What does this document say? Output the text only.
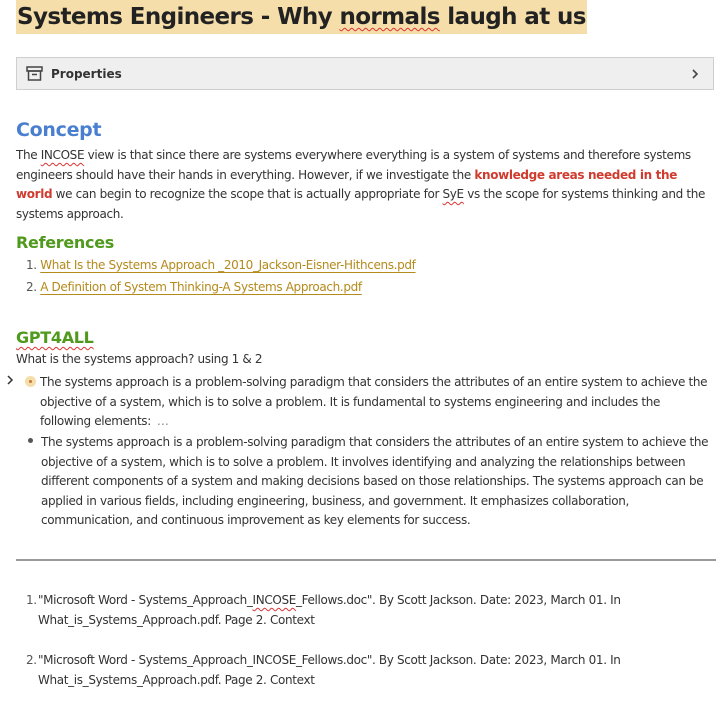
Systems Engineers - Why normals laugh at us
Properties
Concept
The INCOSE view is that since there are systems everywhere everything is a system of systems and therefore systems engineers should have their hands in everything. However, if we investigate the knowledge areas needed in the world we can begin to recognize the scope that is actually appropriate for SyE vs the scope for systems thinking and the systems approach.
References
1. What Is the Systems Approach _2010_Jackson-Eisner-Hithcens.pdf
2. A Definition of System Thinking-A Systems Approach.pdf
GPT4ALL
What is the systems approach? using 1 & 2
The systems approach is a problem-solving paradigm that considers the attributes of an entire system to achieve the objective of a system, which is to solve a problem. It is fundamental to systems engineering and includes the following elements: …
The systems approach is a problem-solving paradigm that considers the attributes of an entire system to achieve the objective of a system, which is to solve a problem. It involves identifying and analyzing the relationships between different components of a system and making decisions based on those relationships. The systems approach can be applied in various fields, including engineering, business, and government. It emphasizes collaboration, communication, and continuous improvement as key elements for success.
1. "Microsoft Word - Systems_Approach_INCOSE_Fellows.doc". By Scott Jackson. Date: 2023, March 01. In What_is_Systems_Approach.pdf. Page 2. Context
2. "Microsoft Word - Systems_Approach_INCOSE_Fellows.doc". By Scott Jackson. Date: 2023, March 01. In What_is_Systems_Approach.pdf. Page 2. Context
